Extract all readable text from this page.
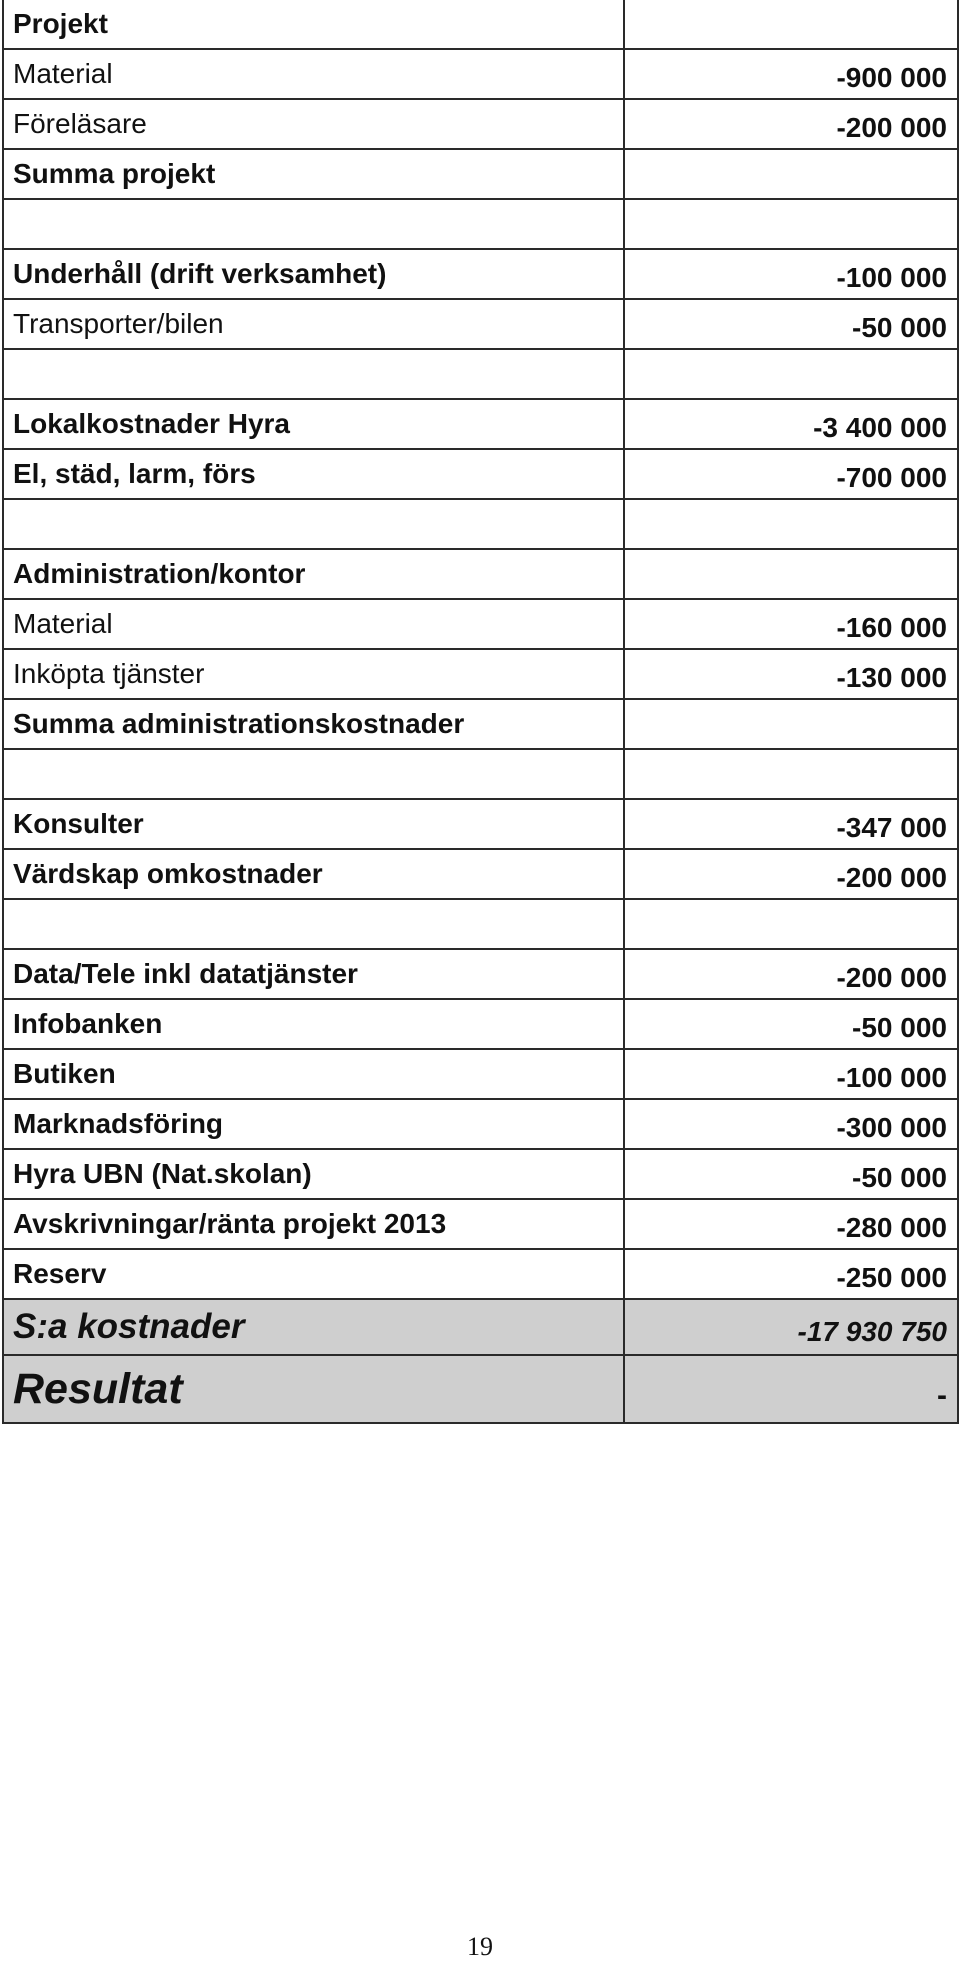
Projekt	
Material	-900 000
Föreläsare	-200 000
Summa projekt	

Underhåll (drift verksamhet)	-100 000
Transporter/bilen	-50 000

Lokalkostnader Hyra	-3 400 000
El, städ, larm, förs	-700 000

Administration/kontor	
Material	-160 000
Inköpta tjänster	-130 000
Summa administrationskostnader	

Konsulter	-347 000
Värdskap omkostnader	-200 000

Data/Tele inkl datatjänster	-200 000
Infobanken	-50 000
Butiken	-100 000
Marknadsföring	-300 000
Hyra UBN (Nat.skolan)	-50 000
Avskrivningar/ränta projekt 2013	-280 000
Reserv	-250 000
S:a kostnader	-17 930 750
Resultat	-
19
